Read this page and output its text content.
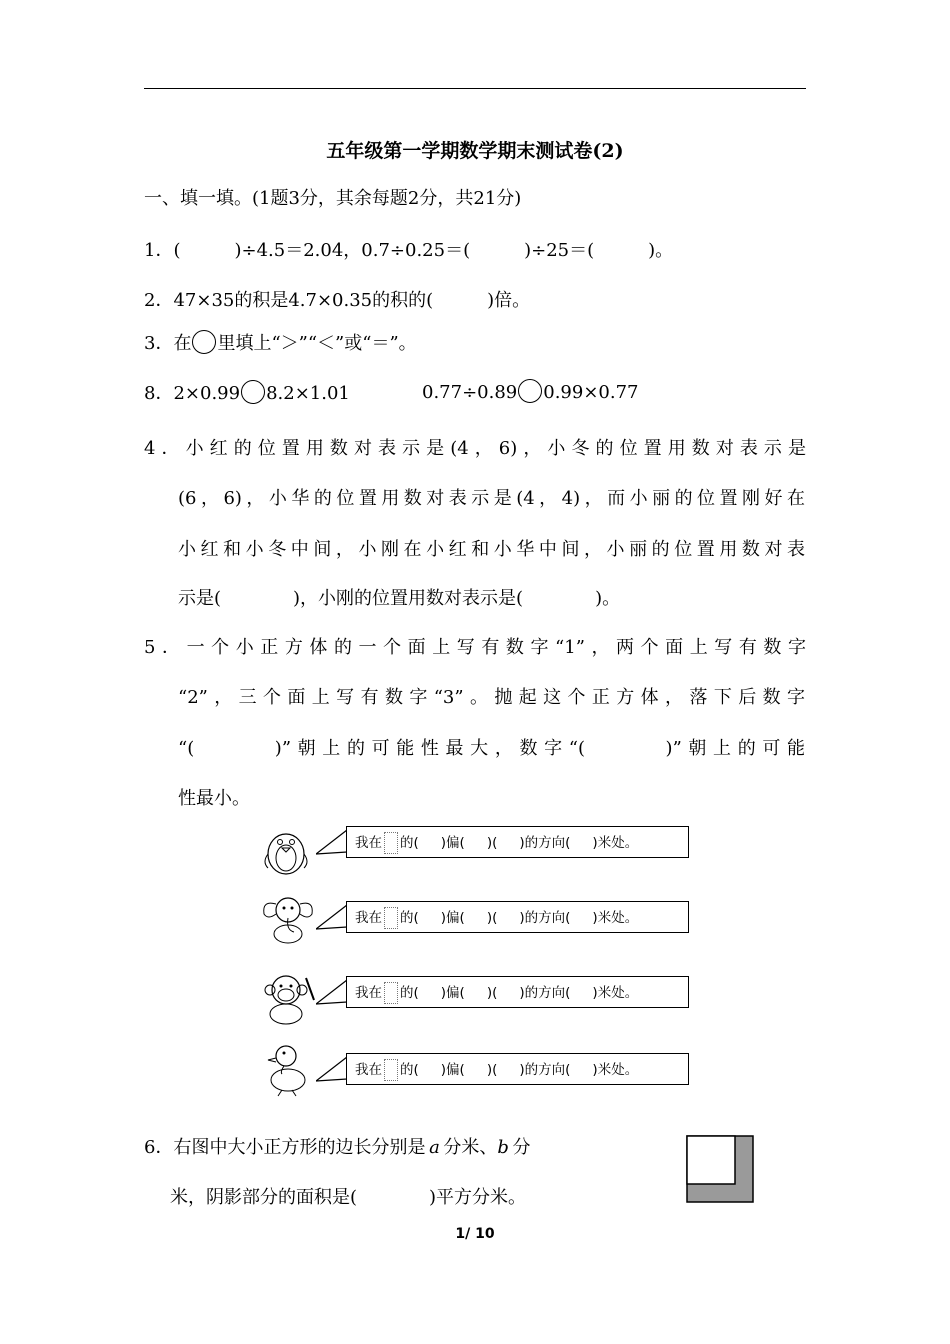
五年级第一学期数学期末测试卷(2)
一、填一填。(1题3分，其余每题2分，共21分)
1．(　　　)÷4.5＝2.04，0.7÷0.25＝(　　　)÷25＝(　　　)。
2．47×35的积是4.7×0.35的积的(　　　)倍。
3．在 里填上“＞”“＜”或“＝”。
8．2×0.99 8.2×1.01	0.77÷0.89 0.99×0.77
4．小红的位置用数对表示是(4，6)，小冬的位置用数对表示是
(6，6)，小华的位置用数对表示是(4，4)，而小丽的位置刚好在
小红和小冬中间，小刚在小红和小华中间，小丽的位置用数对表
示是(　　　　)，小刚的位置用数对表示是(　　　　)。
5．一个小正方体的一个面上写有数字“1”，两个面上写有数字
“2”，三个面上写有数字“3”。抛起这个正方体，落下后数字
“(　　　)”朝上的可能性最大，数字“(　　　)”朝上的可能
性最小。
我在 的( )偏( )( )的方向( )米处。
我在 的( )偏( )( )的方向( )米处。
我在 的( )偏( )( )的方向( )米处。
我在 的( )偏( )( )的方向( )米处。
6．右图中大小正方形的边长分别是  a  分米、b  分
米，阴影部分的面积是(　　　　)平方分米。
1/ 10
